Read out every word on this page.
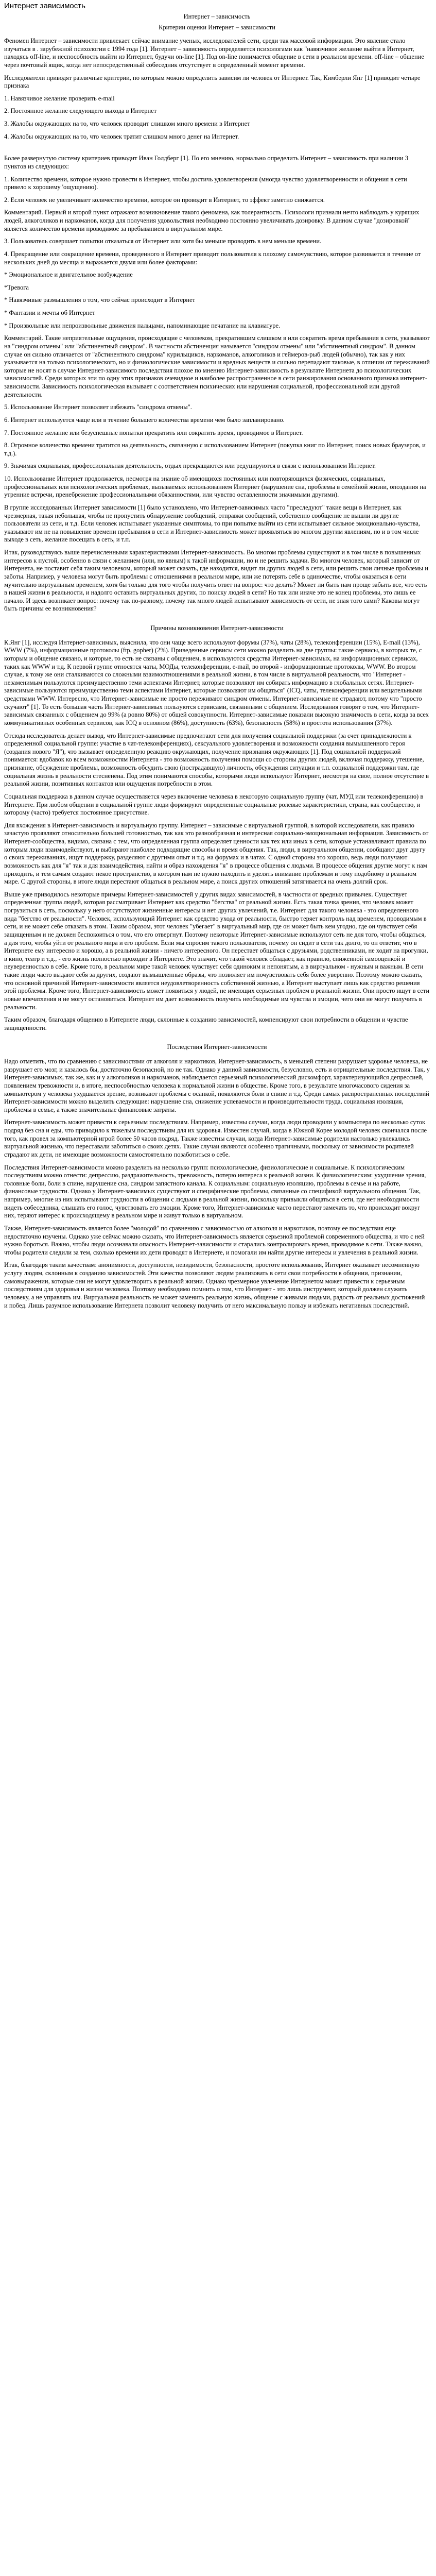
Интернет зависимость
Интернет – зависимость
Критерии оценки Интернет – зависимости

Феномен Интернет – зависимости привлекает сейчас внимание ученых, исследователей сети, среди так массовой информации. Это явление стало изучаться в . зарубежной психологии с 1994 года [1]. Интернет – зависимость определяется психологами как "навязчивое желание выйти в Интернет, находясь off-line, и неспособность выйти из Интернет, будучи on-line [1]. Под on-line понимается общение в сети в реальном времени. off-line – общение через почтовый ящик, когда нет непосредственный собеседник отсутствует в определенный момент времени.

Исследователи приводят различные критерии, по которым можно определить зависим ли человек от Интернет. Так, Кимберли Янг [1] приводит четыре признака

1. Навязчивое желание проверить e-mail

2. Постоянное желание следующего выхода в Интернет

3. Жалобы окружающих на то, что человек проводит слишком много времени в Интернет

4. Жалобы окружающих на то, что человек тратит слишком много денег на Интернет.

Более развернутую систему критериев приводит Иван Голдберг [1]. По его мнению, нормально определить Интернет – зависимость при наличии 3 пунктов из следующих:

1. Количество времени, которое нужно провести в Интернет, чтобы достичь удовлетворения (многда чувство удовлетворенности и общения в сети привело к хорошему 'ощущению).

2. Если человек не увеличивает количество времени, которое он проводит в Интернет, то эффект заметно снижается.

Комментарий. Первый и второй пункт отражают возникновение такого феномена, как толерантность. Психологи признали нечто наблюдать у курящих людей, алкоголиков и наркоманов, когда для получения удовольствия необходимо постоянно увеличивать дозировку. В данном случае "дозировкой" является количество времени проводимое за пребыванием в виртуальном мире.

3. Пользователь совершает попытки отказаться от Интернет или хотя бы меньше проводить в нем меньше времени.

4. Прекращение или сокращение времени, проведенного в Интернет приводит пользователя к плохому самочувствию, которое развивается в течение от нескольких дней до месяца и выражается двумя или более факторами:

* Эмоциональное и двигательное возбуждение

*Тревога

* Навязчивые размышления о том, что сейчас происходит в Интернет

* Фантазии и мечты об Интернет

* Произвольные или непроизвольные движения пальцами, напоминающие печатание на клавиатуре.

Комментарий. Такие неприятельные ощущения, происходящие с человеком, прекратившим слишком в или сократить время пребывания в сети, указывают на "синдром отмены" или "абстинентный синдром". В частности абстиненция называется "синдром отмены" или "абстинентный синдром". В данном случае он сильно отличается от "абстинентного синдрома" курильщиков, наркоманов, алкоголиков и геймеров-рыб людей (обычно), так как у них указывается на только психологического, но и физиологические зависимости и вредных веществ и сильно перепадают таковые, в отличии от переживаний которые не носят в случае Интернет-зависимого последствия плохое по мнению Интернет-зависимость в результате Интернета до психологических зависимостей. Среди которых эти по одну этих признаков очевидное и наиболее распространенное в сети ранжирования основанного признака интернет-зависимости. Зависимость психологическая вызывает с соответствием психических или нарушения социальной, профессиональной или другой деятельности.

5. Использование Интернет позволяет избежать "синдрома отмены".

6. Интернет используется чаще или в течение большего количества времени чем было запланировано.

7. Постоянное желание или безуспешные попытки прекратить или сократить время, проводимое в Интернет.

8. Огромное количество времени тратится на деятельность, связанную с использованием Интернет (покупка книг по Интернет, поиск новых браузеров, и т.д.).

9. Значимая социальная, профессиональная деятельность, отдых прекращаются или редуцируются в связи с использованием Интернет.

10. Использование Интернет продолжается, несмотря на знание об имеющихся постоянных или повторяющихся физических, социальных, профессиональных или психологических проблемах, вызываемых использованием Интернет (нарушение сна, проблемы в семейной жизни, опоздания на утренние встречи, пренебрежение профессиональными обязанностями, или чувство оставленности значимыми другими).

В группе исследованных Интернет зависимости [1] было установлено, что Интернет-зависимых часто "преследуют" такие вещи в Интернет, как чрезмерная, такая небольшая, чтобы не пропустить обнаружение сообщений, отправки сообщений, собственно сообщение не вышли ли другие пользователи из сети, и т.д. Если человек испытывает указанные симптомы, то при попытке выйти из сети испытывает сильное эмоционально-чувства, указывают им не на повышение времени пребывания в сети и Интернет-зависимость может проявляться во многом другим явлениям, но и в том числе выходе в сеть, желание посещать в сеть, и т.п.

Итак, руководствуясь выше перечисленными характеристиками Интернет-зависимость. Во многом проблемы существуют и в том числе в повышенных интересов к пустой, особенно в связи с желанием (или, но явным) к такой информации, но и не решить задачи. Во многом человек, который зависит от Интернета, не поставит себя таким человеком, который может сказать, где находится, видит ли других людей в сети, или решить свои личные проблемы и заботы. Например, у человека могут быть проблемы с отношениями в реальном мире, или же потерять себе в одиночестве, чтобы оказаться в сети мучительно виртуальным временем, хотя бы только для того чтобы получить ответ на вопрос: что делать? Может ли быть нам проще забыть все, что есть в нашей жизни в реальности, и надолго оставить виртуальных других, по поиску людей в сети? Но так или иначе это не конец проблемы, это лишь ее начало. И здесь возникает вопрос: почему так по-разному, почему так много людей испытывают зависимость от сети, не зная того сами? Каковы могут быть причины ее возникновения?

Причины возникновения Интернет-зависимости

К.Янг [1], исследуя Интернет-зависимых, выяснила, что они чаще всего используют форумы (37%), чаты (28%), телеконференции (15%), E-mail (13%), WWW (7%), информационные протоколы (ftp, gopher) (2%). Приведенные сервисы сети можно разделить на две группы: такие сервисы, в которых те, с которым и общение связано, и которые, то есть не связаны с общением, в используются средства Интернет-зависимых, на информационных сервисах, таких как WWW и т.д. К первой группе относятся чаты, МОДы, телеконференции, e-mail, во второй - информационные протоколы, WWW. Во втором случае, к тому же они сталкиваются со сложными взаимоотношениями в реальной жизни, в том числе в виртуальной реальности, что "Интернет - незаменимым пользуются преимущественно теми аспектами Интернет, которые позволяют им собирать информацию в глобальных сетях. Интернет-зависимые пользуются преимущественно теми аспектами Интернет, которые позволяют им общаться" (ICQ, чаты, телеконференции или вещательными средствами WWW. Интересно, что Интернет-зависимые не просто переживают синдром отмены. Интернет-зависимые не страдают, потому что "просто скучают" [1]. То есть большая часть Интернет-зависимых пользуются сервисами, связанными с общением. Исследования говорят о том, что Интернет-зависимых связанных с общением до 99% (а ровно 80%) от общей совокупности. Интернет-зависимые показали высокую значимость в сети, когда за всех коммуникативных особенных сервисов, как ICQ в основном (86%), доступность (63%), безопасность (58%) и простота использования (37%).

Отсюда исследователь делает вывод, что Интернет-зависимые предпочитают сети для получения социальной поддержки (за счет принадлежности к определенной социальной группе: участие в чат-телеконференциях), сексуального удовлетворения и возможности создания вымышленного героя (создания нового "Я"), что вызывает определенную реакцию окружающих, получение признания окружающих [1]. Под социальной поддержкой понимается: вдобавок ко всем возможностям Интернета - это возможность получения помощи со стороны других людей, включая поддержку, утешение, признание, обсуждение проблемы, возможность обсудить свою (пострадавшую) личность, обсуждения ситуации и т.п. социальной поддержки там, где социальная жизнь в реальности стесненена. Под этим понимаются способы, которыми люди используют Интернет, несмотря на свое, полное отсутствие в реальной жизни, позитивных контактов или ощущения потребности в этом.

Социальная поддержка в данном случае осуществляется через включение человека в некоторую социальную группу (чат, МУД или телеконференцию) в Интернете. При любом общении в социальной группе люди формируют определенные социальные ролевые характеристики, страна, как сообщество, и которому (часто) требуется постоянное присутствие.

Для вхождения в Интернет-зависимость и виртуальную группу. Интернет – зависимые с виртуальной группой, в которой исследователи, как правило зачастую проявляют относительно большей готовностью, так как это разнообразная и интересная социально-эмоциональная информация. Зависимость от Интернет-сообщества, видимо, связана с тем, что определенная группа определяет ценности как тех или иных в сети, которые устанавливают правила по которым люди взаимодействуют, и выбирают наиболее подходящие способы и время общения. Так, люди, в виртуальном общении, сообщают друг другу о своих переживаниях, ищут поддержку, разделяют с другими опыт и т.д. на форумах и в чатах. С одной стороны это хорошо, ведь люди получают возможность как для "я" так и для взаимодействия, найти и образ нахождения "я" в процессе общения с людьми. В процессе общения другие могут к нам приходить, и тем самым создают некое пространство, в котором нам не нужно находить и уделять внимание проблемам и тому подобному в реальном мире. С другой стороны, в итоге люди перестают общаться в реальном мире, а поиск других отношений затягивается на очень долгий срок.

Выше уже приводилось некоторые примеры Интернет-зависимостей у других видах зависимостей, в частности от вредных привычек. Существует определенная группа людей, которая рассматривает Интернет как средство "бегства" от реальной жизни. Есть такая точка зрения, что человек может погрузиться в сеть, поскольку у него отсутствуют жизненные интересы и нет других увлечений, т.е. Интернет для такого человека - это определенного вида "бегство от реальности". Человек, использующий Интернет как средство ухода от реальности, быстро теряет контроль над временем, проводимым в сети, и не может себе отказать в этом. Таким образом, этот человек "убегает" в виртуальный мир, где он может быть кем угодно, где он чувствует себя защищенным и не должен беспокоиться о том, что его отвергнут. Поэтому некоторые Интернет-зависимые используют сеть не для того, чтобы общаться, а для того, чтобы уйти от реального мира и его проблем. Если мы спросим такого пользователя, почему он сидит в сети так долго, то он ответит, что в Интернете ему интересно и хорошо, а в реальной жизни - ничего интересного. Он перестает общаться с друзьями, родственниками, не ходит на прогулки, в кино, театр и т.д., - его жизнь полностью проходит в Интернете. Это значит, что такой человек обладает, как правило, сниженной самооценкой и неуверенностью в себе. Кроме того, в реальном мире такой человек чувствует себя одиноким и непонятым, а в виртуальном - нужным и важным. В сети такие люди часто выдают себя за других, создают вымышленные образы, что позволяет им почувствовать себя более уверенно. Поэтому можно сказать, что основной причиной Интернет-зависимости является неудовлетворенность собственной жизнью, а Интернет выступает лишь как средство решения этой проблемы. Кроме того, Интернет-зависимость может появиться у людей, не имеющих серьезных проблем в реальной жизни. Они просто ищут в сети новые впечатления и не могут остановиться. Интернет им дает возможность получить необходимые им чувства и эмоции, чего они не могут получить в реальности.

Таким образом, благодаря общению в Интернете люди, склонные к созданию зависимостей, компенсируют свои потребности в общении и чувстве защищенности.

Последствия Интернет-зависимости

Надо отметить, что по сравнению с зависимостями от алкоголя и наркотиков, Интернет-зависимость, в меньшей степени разрушает здоровье человека, не разрушает его мозг, и казалось бы, достаточно безопасной, но не так. Однако у данной зависимости, безусловно, есть и отрицательные последствия. Так, у Интернет-зависимых, так же, как и у алкоголиков и наркоманов, наблюдается серьезный психологический дискомфорт, характеризующийся депрессией, появлением тревожности и, в итоге, неспособностью человека к нормальной жизни в обществе. Кроме того, в результате многочасового сидения за компьютером у человека ухудшается зрение, возникают проблемы с осанкой, появляются боли в спине и т.д. Среди самых распространенных последствий Интернет-зависимости можно выделить следующие: нарушение сна, снижение успеваемости и производительности труда, социальная изоляция, проблемы в семье, а также значительные финансовые затраты.

Интернет-зависимость может привести к серьезным последствиям. Например, известны случаи, когда люди проводили у компьютера по несколько суток подряд без сна и еды, что приводило к тяжелым последствиям для их здоровья. Известен случай, когда в Южной Корее молодой человек скончался после того, как провел за компьютерной игрой более 50 часов подряд. Также известны случаи, когда Интернет-зависимые родители настолько увлекались виртуальной жизнью, что переставали заботиться о своих детях. Такие случаи являются особенно трагичными, поскольку от зависимости родителей страдают их дети, не имеющие возможности самостоятельно позаботиться о себе.

Последствия Интернет-зависимости можно разделить на несколько групп: психологические, физиологические и социальные. К психологическим последствиям можно отнести: депрессию, раздражительность, тревожность, потерю интереса к реальной жизни. К физиологическим: ухудшение зрения, головные боли, боли в спине, нарушение сна, синдром запястного канала. К социальным: социальную изоляцию, проблемы в семье и на работе, финансовые трудности. Однако у Интернет-зависимых существуют и специфические проблемы, связанные со спецификой виртуального общения. Так, например, многие из них испытывают трудности в общении с людьми в реальной жизни, поскольку привыкли общаться в сети, где нет необходимости видеть собеседника, слышать его голос, чувствовать его эмоции. Кроме того, Интернет-зависимые часто перестают замечать то, что происходит вокруг них, теряют интерес к происходящему в реальном мире и живут только в виртуальном.

Также, Интернет-зависимость является более "молодой" по сравнению с зависимостью от алкоголя и наркотиков, поэтому ее последствия еще недостаточно изучены. Однако уже сейчас можно сказать, что Интернет-зависимость является серьезной проблемой современного общества, и что с ней нужно бороться. Важно, чтобы люди осознавали опасность Интернет-зависимости и старались контролировать время, проводимое в сети. Также важно, чтобы родители следили за тем, сколько времени их дети проводят в Интернете, и помогали им найти другие интересы и увлечения в реальной жизни.

Итак, благодаря таким качествам: анонимности, доступности, невидимости, безопасности, простоте использования, Интернет оказывает несомненную услугу людям, склонным к созданию зависимостей. Эти качества позволяют людям реализовать в сети свои потребности в общении, признании, самовыражении, которые они не могут удовлетворить в реальной жизни. Однако чрезмерное увлечение Интернетом может привести к серьезным последствиям для здоровья и жизни человека. Поэтому необходимо помнить о том, что Интернет - это лишь инструмент, который должен служить человеку, а не управлять им. Виртуальная реальность не может заменить реальную жизнь, общение с живыми людьми, радость от реальных достижений и побед. Лишь разумное использование Интернета позволит человеку получить от него максимальную пользу и избежать негативных последствий.
